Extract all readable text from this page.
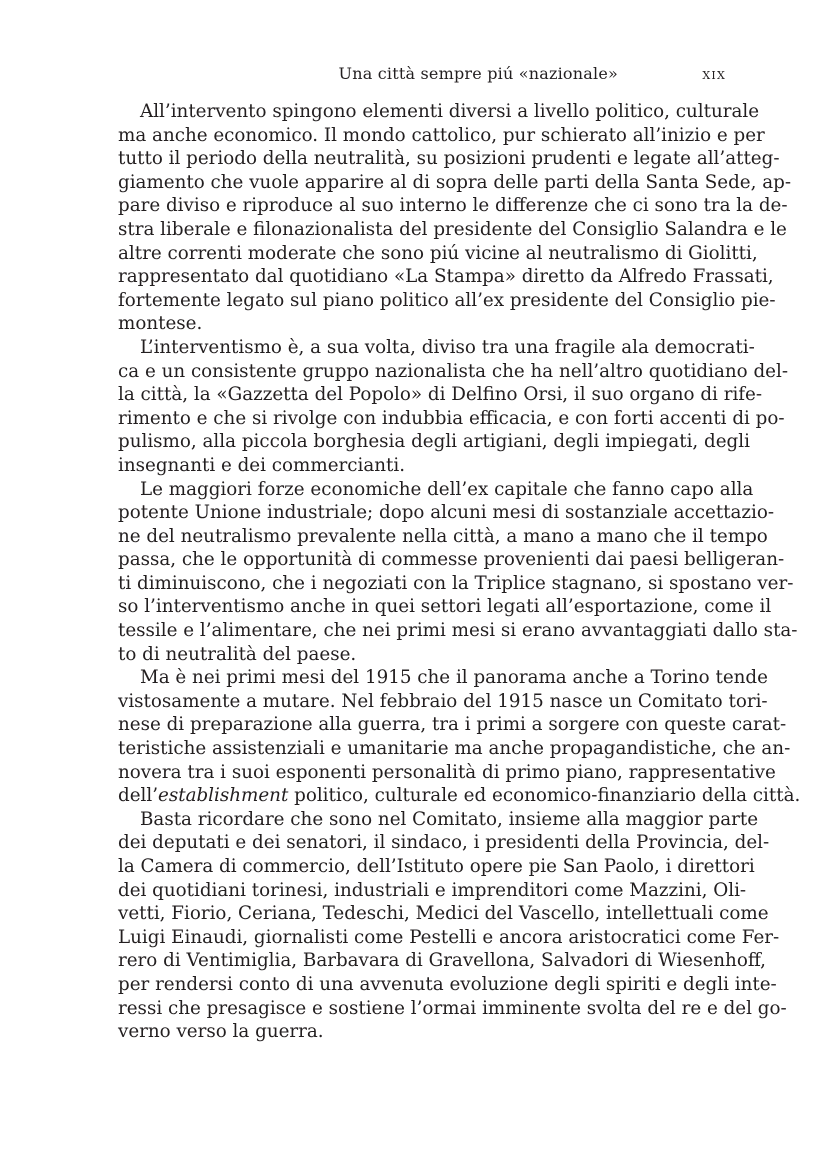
Una città sempre piú «nazionale»	xix
All’intervento spingono elementi diversi a livello politico, culturale
ma anche economico. Il mondo cattolico, pur schierato all’inizio e per
tutto il periodo della neutralità, su posizioni prudenti e legate all’atteg-
giamento che vuole apparire al di sopra delle parti della Santa Sede, ap-
pare diviso e riproduce al suo interno le differenze che ci sono tra la de-
stra liberale e filonazionalista del presidente del Consiglio Salandra e le
altre correnti moderate che sono piú vicine al neutralismo di Giolitti,
rappresentato dal quotidiano «La Stampa» diretto da Alfredo Frassati,
fortemente legato sul piano politico all’ex presidente del Consiglio pie-
montese.
L’interventismo è, a sua volta, diviso tra una fragile ala democrati-
ca e un consistente gruppo nazionalista che ha nell’altro quotidiano del-
la città, la «Gazzetta del Popolo» di Delfino Orsi, il suo organo di rife-
rimento e che si rivolge con indubbia efficacia, e con forti accenti di po-
pulismo, alla piccola borghesia degli artigiani, degli impiegati, degli
insegnanti e dei commercianti.
Le maggiori forze economiche dell’ex capitale che fanno capo alla
potente Unione industriale; dopo alcuni mesi di sostanziale accettazio-
ne del neutralismo prevalente nella città, a mano a mano che il tempo
passa, che le opportunità di commesse provenienti dai paesi belligeran-
ti diminuiscono, che i negoziati con la Triplice stagnano, si spostano ver-
so l’interventismo anche in quei settori legati all’esportazione, come il
tessile e l’alimentare, che nei primi mesi si erano avvantaggiati dallo sta-
to di neutralità del paese.
Ma è nei primi mesi del 1915 che il panorama anche a Torino tende
vistosamente a mutare. Nel febbraio del 1915 nasce un Comitato tori-
nese di preparazione alla guerra, tra i primi a sorgere con queste carat-
teristiche assistenziali e umanitarie ma anche propagandistiche, che an-
novera tra i suoi esponenti personalità di primo piano, rappresentative
dell’establishment politico, culturale ed economico-finanziario della città.
Basta ricordare che sono nel Comitato, insieme alla maggior parte
dei deputati e dei senatori, il sindaco, i presidenti della Provincia, del-
la Camera di commercio, dell’Istituto opere pie San Paolo, i direttori
dei quotidiani torinesi, industriali e imprenditori come Mazzini, Oli-
vetti, Fiorio, Ceriana, Tedeschi, Medici del Vascello, intellettuali come
Luigi Einaudi, giornalisti come Pestelli e ancora aristocratici come Fer-
rero di Ventimiglia, Barbavara di Gravellona, Salvadori di Wiesenhoff,
per rendersi conto di una avvenuta evoluzione degli spiriti e degli inte-
ressi che presagisce e sostiene l’ormai imminente svolta del re e del go-
verno verso la guerra.
